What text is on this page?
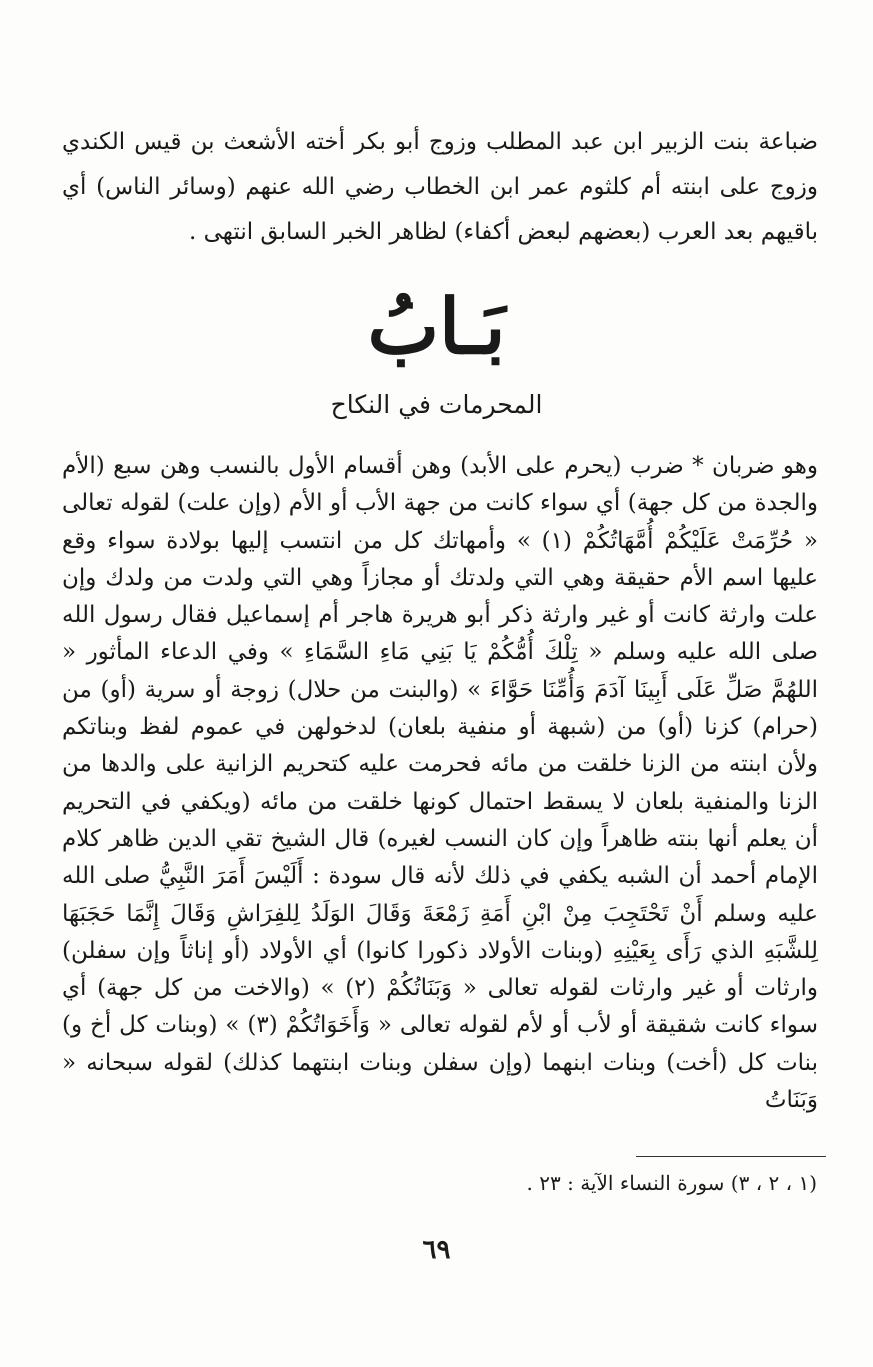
ضباعة بنت الزبير ابن عبد المطلب وزوج أبو بكر أخته الأشعث بن قيس الكندي وزوج على ابنته أم كلثوم عمر ابن الخطاب رضي الله عنهم (وسائر الناس) أي باقيهم بعد العرب (بعضهم لبعض أكفاء) لظاهر الخبر السابق انتهى .

بَـابُ
المحرمات في النكاح

وهو ضربان * ضرب (يحرم على الأبد) وهن أقسام الأول بالنسب وهن سبع (الأم والجدة من كل جهة) أي سواء كانت من جهة الأب أو الأم (وإن علت) لقوله تعالى « حُرِّمَتْ عَلَيْكُمْ أُمَّهَاتُكُمْ (١) » وأمهاتك كل من انتسب إليها بولادة سواء وقع عليها اسم الأم حقيقة وهي التي ولدتك أو مجازاً وهي التي ولدت من ولدك وإن علت وارثة كانت أو غير وارثة ذكر أبو هريرة هاجر أم إسماعيل فقال رسول الله صلى الله عليه وسلم « تِلْكَ أُمُّكُمْ يَا بَنِي مَاءِ السَّمَاءِ » وفي الدعاء المأثور « اللهُمَّ صَلِّ عَلَى أَبِينَا آدَمَ وَأُمِّنَا حَوَّاءَ » (والبنت من حلال) زوجة أو سرية (أو) من (حرام) كزنا (أو) من (شبهة أو منفية بلعان) لدخولهن في عموم لفظ وبناتكم ولأن ابنته من الزنا خلقت من مائه فحرمت عليه كتحريم الزانية على والدها من الزنا والمنفية بلعان لا يسقط احتمال كونها خلقت من مائه (ويكفي في التحريم أن يعلم أنها بنته ظاهراً وإن كان النسب لغيره) قال الشيخ تقي الدين ظاهر كلام الإمام أحمد أن الشبه يكفي في ذلك لأنه قال سودة : أَلَيْسَ أَمَرَ النَّبِيُّ صلى الله عليه وسلم أَنْ تَحْتَجِبَ مِنْ ابْنِ أَمَةِ زَمْعَةَ وَقَالَ الوَلَدُ لِلفِرَاشِ وَقَالَ إِنَّمَا حَجَبَهَا لِلشَّبَهِ الذي رَأَى بِعَيْنِهِ (وبنات الأولاد ذكورا كانوا) أي الأولاد (أو إناثاً وإن سفلن) وارثات أو غير وارثات لقوله تعالى « وَبَنَاتُكُمْ (٢) » (والاخت من كل جهة) أي سواء كانت شقيقة أو لأب أو لأم لقوله تعالى « وَأَخَوَاتُكُمْ (٣) » (وبنات كل أخ و) بنات كل (أخت) وبنات ابنهما (وإن سفلن وبنات ابنتهما كذلك) لقوله سبحانه « وَبَنَاتُ

(١ ، ٢ ، ٣) سورة النساء الآية : ٢٣ .
٦٩
